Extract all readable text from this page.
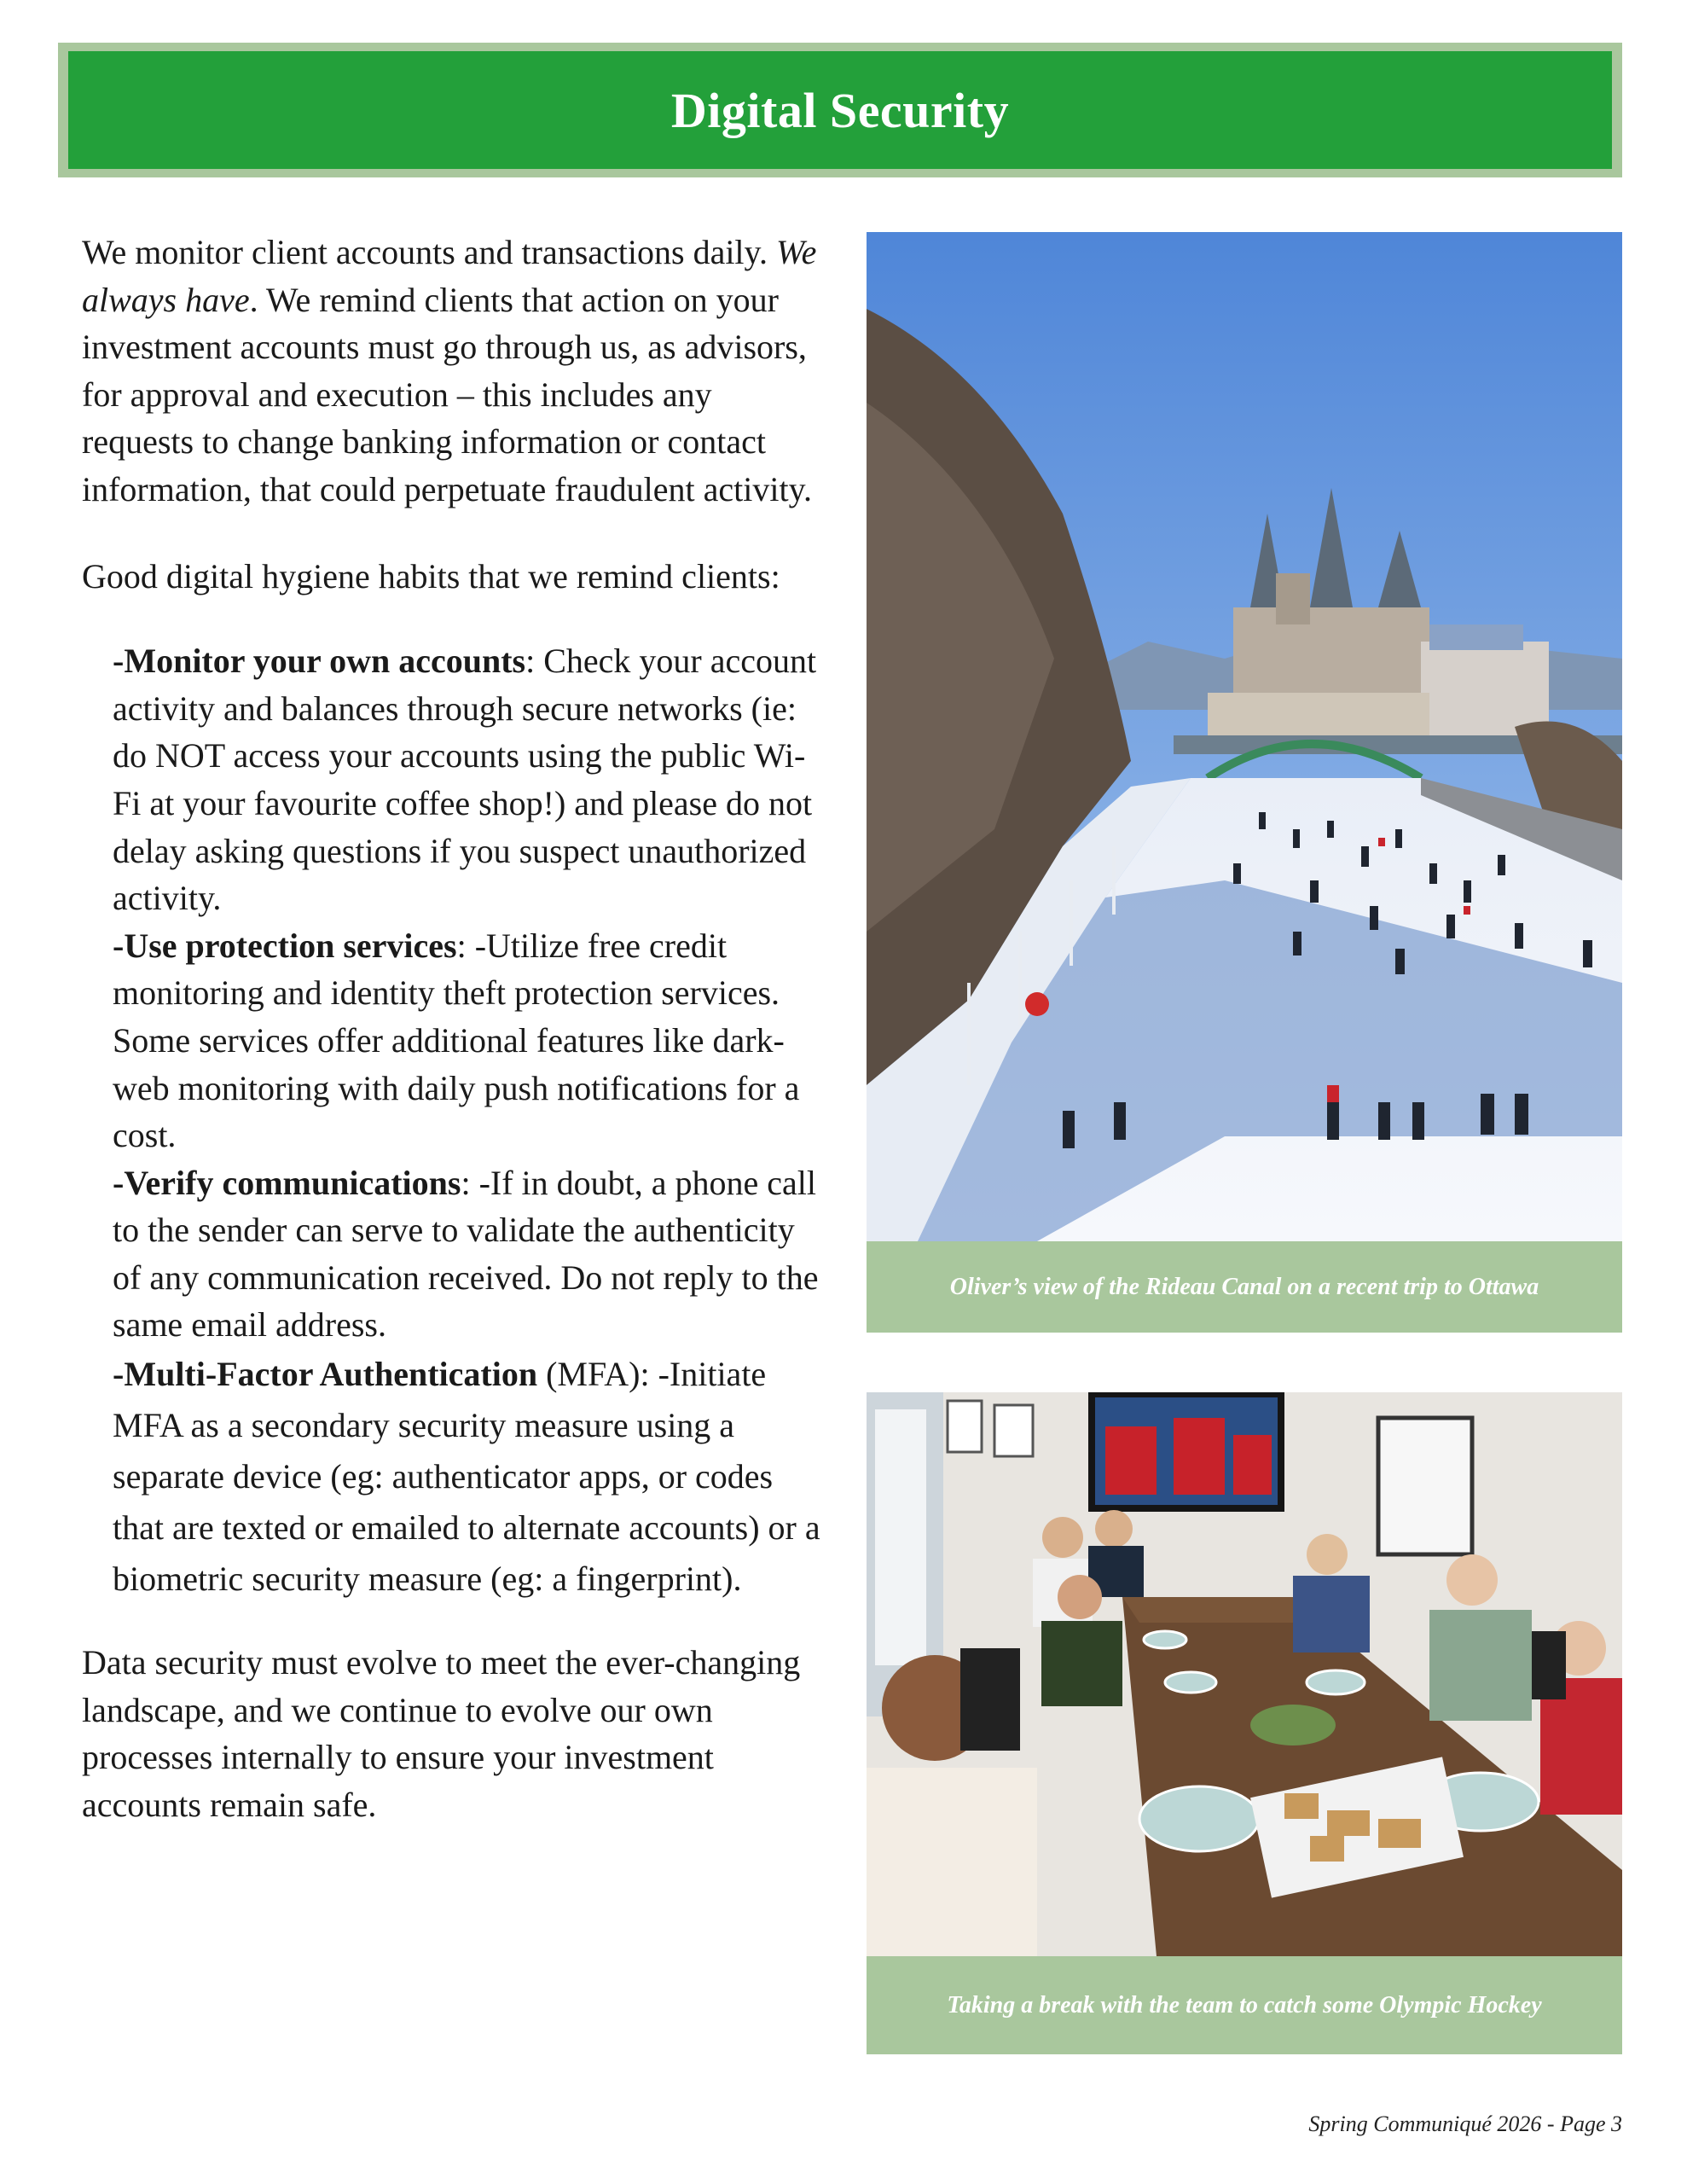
Digital Security

We monitor client accounts and transactions daily. We always have. We remind clients that action on your investment accounts must go through us, as advisors, for approval and execution – this includes any requests to change banking information or contact information, that could perpetuate fraudulent activity.

Good digital hygiene habits that we remind clients:

-Monitor your own accounts: Check your account activity and balances through secure networks (ie: do NOT access your accounts using the public Wi-Fi at your favourite coffee shop!) and please do not delay asking questions if you suspect unauthorized activity.

-Use protection services: -Utilize free credit monitoring and identity theft protection services. Some services offer additional features like dark-web monitoring with daily push notifications for a cost.

-Verify communications: -If in doubt, a phone call to the sender can serve to validate the authenticity of any communication received. Do not reply to the same email address.

-Multi-Factor Authentication (MFA): -Initiate MFA as a secondary security measure using a separate device (eg: authenticator apps, or codes that are texted or emailed to alternate accounts) or a biometric security measure (eg: a fingerprint).

Data security must evolve to meet the ever-changing landscape, and we continue to evolve our own processes internally to ensure your investment accounts remain safe.

Oliver’s view of the Rideau Canal on a recent trip to Ottawa
Taking a break with the team to catch some Olympic Hockey
Spring Communiqué 2026 - Page 3
